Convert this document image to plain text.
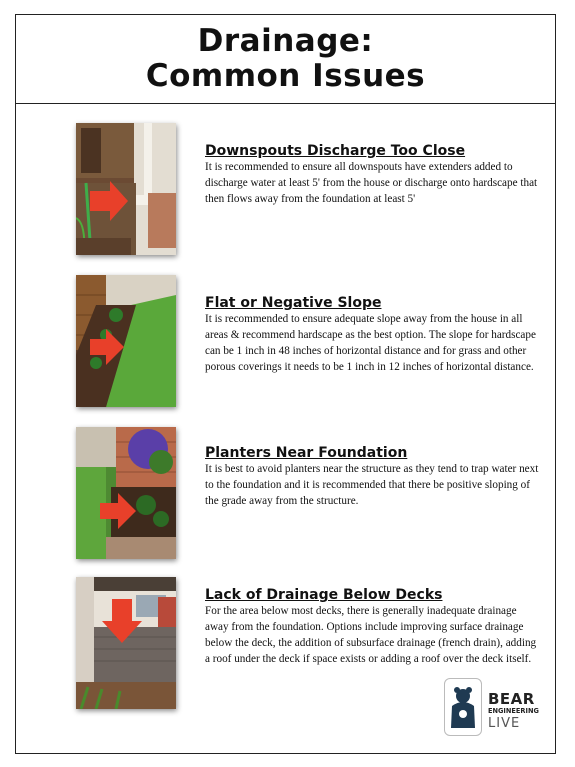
Drainage:
Common Issues
Downspouts Discharge Too Close
It is recommended to ensure all downspouts have extenders added to discharge water at least 5' from the house or discharge onto hardscape that then flows away from the foundation at least 5'
Flat or Negative Slope
It is recommended to ensure adequate slope away from the house in all areas & recommend hardscape as the best option. The slope for hardscape can be 1 inch in 48 inches of horizontal distance and for grass and other porous coverings it needs to be 1 inch in 12 inches of horizontal distance.
Planters Near Foundation
It is best to avoid planters near the structure as they tend to trap water next to the foundation and it is recommended that there be positive sloping of the grade away from the structure.
Lack of Drainage Below Decks
For the area below most decks, there is generally inadequate drainage away from the foundation. Options include improving surface drainage below the deck, the addition of subsurface drainage (french drain), adding a roof under the deck if space exists or adding a roof over the deck itself.
BEAR
ENGINEERING
LIVE
